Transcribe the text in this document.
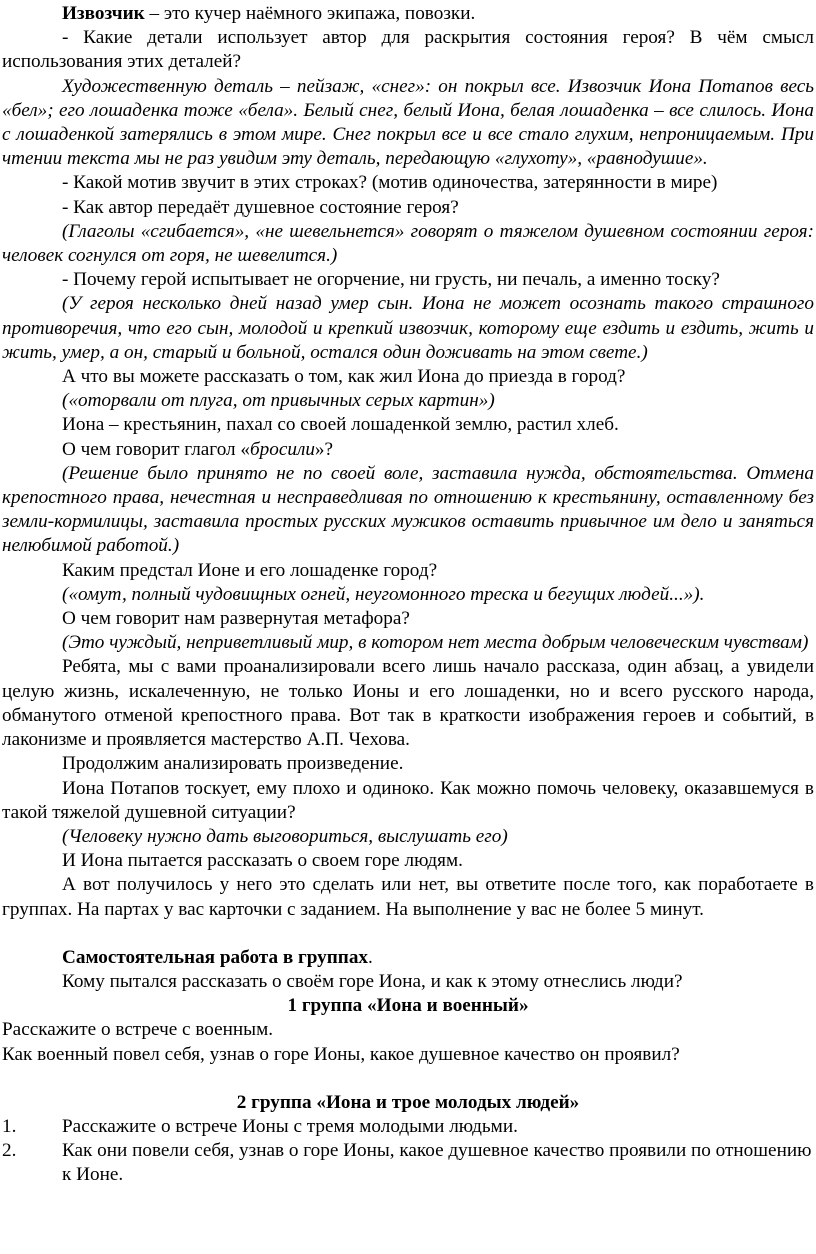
Извозчик – это кучер наёмного экипажа, повозки.

- Какие детали использует автор для раскрытия состояния героя? В чём смысл использования этих деталей?

Художественную деталь – пейзаж, «снег»: он покрыл все. Извозчик Иона Потапов весь «бел»; его лошаденка тоже «бела». Белый снег, белый Иона, белая лошаденка – все слилось. Иона с лошаденкой затерялись в этом мире. Снег покрыл все и все стало глухим, непроницаемым. При чтении текста мы не раз увидим эту деталь, передающую «глухоту», «равнодушие».

- Какой мотив звучит в этих строках? (мотив одиночества, затерянности в мире)

- Как автор передаёт душевное состояние героя?

(Глаголы «сгибается», «не шевельнется» говорят о тяжелом душевном состоянии героя: человек согнулся от горя, не шевелится.)

- Почему герой испытывает не огорчение, ни грусть, ни печаль, а именно тоску?

(У героя несколько дней назад умер сын. Иона не может осознать такого страшного противоречия, что его сын, молодой и крепкий извозчик, которому еще ездить и ездить, жить и жить, умер, а он, старый и больной, остался один доживать на этом свете.)

А что вы можете рассказать о том, как жил Иона до приезда в город?

(«оторвали от плуга, от привычных серых картин»)

Иона – крестьянин, пахал со своей лошаденкой землю, растил хлеб.

О чем говорит глагол «бросили»?

(Решение было принято не по своей воле, заставила нужда, обстоятельства. Отмена крепостного права, нечестная и несправедливая по отношению к крестьянину, оставленному без земли-кормилицы, заставила простых русских мужиков оставить привычное им дело и заняться нелюбимой работой.)

Каким предстал Ионе и его лошаденке город?

(«омут, полный чудовищных огней, неугомонного треска и бегущих людей...»).

О чем говорит нам развернутая метафора?

(Это чуждый, неприветливый мир, в котором нет места добрым человеческим чувствам)

Ребята, мы с вами проанализировали всего лишь начало рассказа, один абзац, а увидели целую жизнь, искалеченную, не только Ионы и его лошаденки, но и всего русского народа, обманутого отменой крепостного права. Вот так в краткости изображения героев и событий, в лаконизме и проявляется мастерство А.П. Чехова.

Продолжим анализировать произведение.

Иона Потапов тоскует, ему плохо и одиноко. Как можно помочь человеку, оказавшемуся в такой тяжелой душевной ситуации?

(Человеку нужно дать выговориться, выслушать его)

И Иона пытается рассказать о своем горе людям.

А вот получилось у него это сделать или нет, вы ответите после того, как поработаете в группах. На партах у вас карточки с заданием. На выполнение у вас не более 5 минут.

Самостоятельная работа в группах.

Кому пытался рассказать о своём горе Иона, и как к этому отнеслись люди?

1 группа «Иона и военный»

Расскажите о встрече с военным.

Как военный повел себя, узнав о горе Ионы, какое душевное качество он проявил?

2 группа «Иона и трое молодых людей»

1.	Расскажите о встрече Ионы с тремя молодыми людьми.
2.	Как они повели себя, узнав о горе Ионы, какое душевное качество проявили по отношению к Ионе.
